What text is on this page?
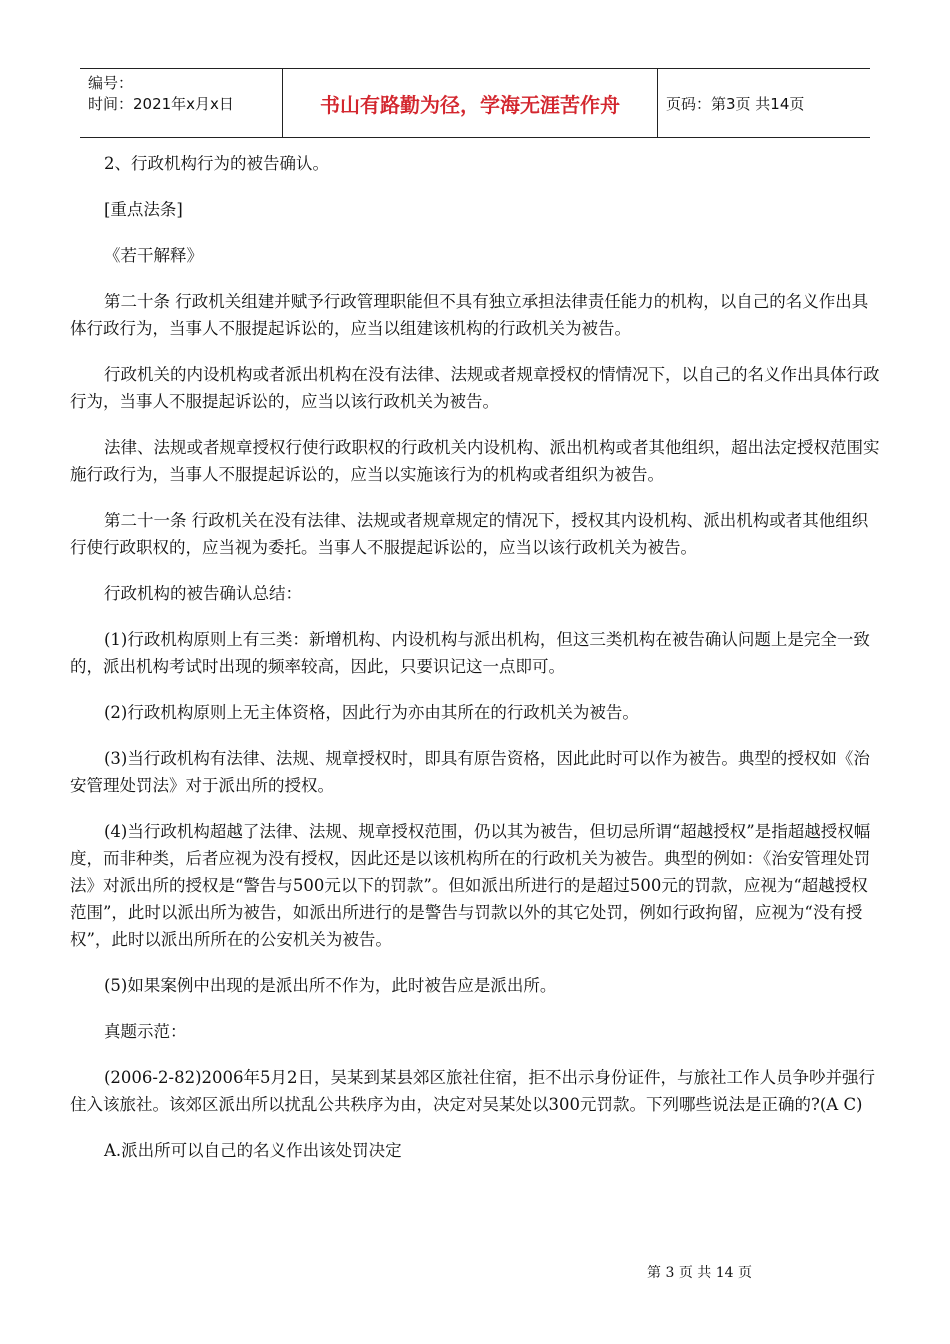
编号：
时间：2021年x月x日	书山有路勤为径，学海无涯苦作舟	页码：第3页 共14页

2、行政机构行为的被告确认。

[重点法条]

《若干解释》

第二十条 行政机关组建并赋予行政管理职能但不具有独立承担法律责任能力的机构，以自己的名义作出具体行政行为，当事人不服提起诉讼的，应当以组建该机构的行政机关为被告。

行政机关的内设机构或者派出机构在没有法律、法规或者规章授权的情情况下，以自己的名义作出具体行政行为，当事人不服提起诉讼的，应当以该行政机关为被告。

法律、法规或者规章授权行使行政职权的行政机关内设机构、派出机构或者其他组织，超出法定授权范围实施行政行为，当事人不服提起诉讼的，应当以实施该行为的机构或者组织为被告。

第二十一条 行政机关在没有法律、法规或者规章规定的情况下，授权其内设机构、派出机构或者其他组织行使行政职权的，应当视为委托。当事人不服提起诉讼的，应当以该行政机关为被告。

行政机构的被告确认总结：

(1)行政机构原则上有三类：新增机构、内设机构与派出机构，但这三类机构在被告确认问题上是完全一致的，派出机构考试时出现的频率较高，因此，只要识记这一点即可。

(2)行政机构原则上无主体资格，因此行为亦由其所在的行政机关为被告。

(3)当行政机构有法律、法规、规章授权时，即具有原告资格，因此此时可以作为被告。典型的授权如《治安管理处罚法》对于派出所的授权。

(4)当行政机构超越了法律、法规、规章授权范围，仍以其为被告，但切忌所谓“超越授权”是指超越授权幅度，而非种类，后者应视为没有授权，因此还是以该机构所在的行政机关为被告。典型的例如：《治安管理处罚法》对派出所的授权是“警告与500元以下的罚款”。但如派出所进行的是超过500元的罚款，应视为“超越授权范围”，此时以派出所为被告，如派出所进行的是警告与罚款以外的其它处罚，例如行政拘留，应视为“没有授权”，此时以派出所所在的公安机关为被告。

(5)如果案例中出现的是派出所不作为，此时被告应是派出所。

真题示范：

(2006-2-82)2006年5月2日，吴某到某县郊区旅社住宿，拒不出示身份证件，与旅社工作人员争吵并强行住入该旅社。该郊区派出所以扰乱公共秩序为由，决定对吴某处以300元罚款。下列哪些说法是正确的?(A C)

A.派出所可以自己的名义作出该处罚决定

第 3 页 共 14 页
